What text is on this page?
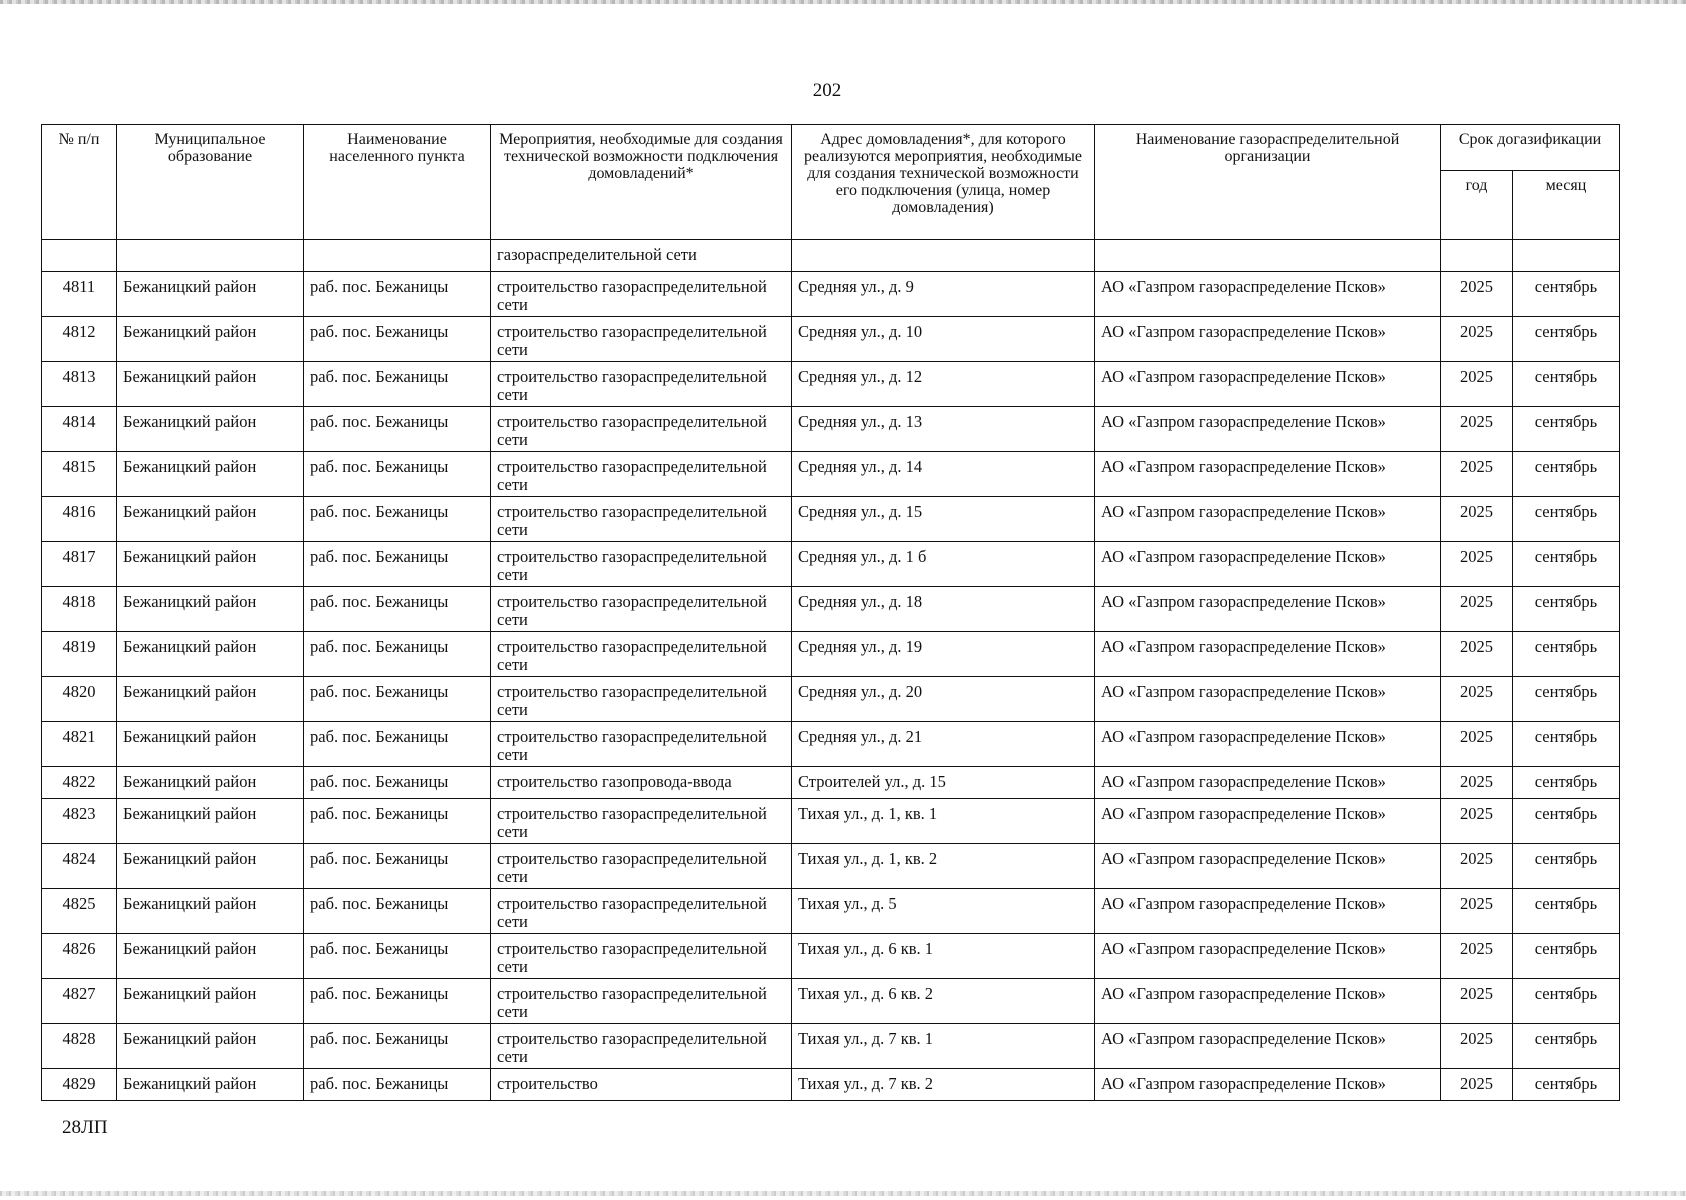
202
№ п/п	Муниципальное образование	Наименование населенного пункта	Мероприятия, необходимые для создания технической возможности подключения домовладений*	Адрес домовладения*, для которого реализуются мероприятия, необходимые для создания технической возможности его подключения (улица, номер домовладения)	Наименование газораспределительной организации	Срок догазификации	
						год	месяц
			газораспределительной сети				
4811	Бежаницкий район	раб. пос. Бежаницы	строительство газораспределительной сети	Средняя ул., д. 9	АО «Газпром газораспределение Псков»	2025	сентябрь
4812	Бежаницкий район	раб. пос. Бежаницы	строительство газораспределительной сети	Средняя ул., д. 10	АО «Газпром газораспределение Псков»	2025	сентябрь
4813	Бежаницкий район	раб. пос. Бежаницы	строительство газораспределительной сети	Средняя ул., д. 12	АО «Газпром газораспределение Псков»	2025	сентябрь
4814	Бежаницкий район	раб. пос. Бежаницы	строительство газораспределительной сети	Средняя ул., д. 13	АО «Газпром газораспределение Псков»	2025	сентябрь
4815	Бежаницкий район	раб. пос. Бежаницы	строительство газораспределительной сети	Средняя ул., д. 14	АО «Газпром газораспределение Псков»	2025	сентябрь
4816	Бежаницкий район	раб. пос. Бежаницы	строительство газораспределительной сети	Средняя ул., д. 15	АО «Газпром газораспределение Псков»	2025	сентябрь
4817	Бежаницкий район	раб. пос. Бежаницы	строительство газораспределительной сети	Средняя ул., д. 1 б	АО «Газпром газораспределение Псков»	2025	сентябрь
4818	Бежаницкий район	раб. пос. Бежаницы	строительство газораспределительной сети	Средняя ул., д. 18	АО «Газпром газораспределение Псков»	2025	сентябрь
4819	Бежаницкий район	раб. пос. Бежаницы	строительство газораспределительной сети	Средняя ул., д. 19	АО «Газпром газораспределение Псков»	2025	сентябрь
4820	Бежаницкий район	раб. пос. Бежаницы	строительство газораспределительной сети	Средняя ул., д. 20	АО «Газпром газораспределение Псков»	2025	сентябрь
4821	Бежаницкий район	раб. пос. Бежаницы	строительство газораспределительной сети	Средняя ул., д. 21	АО «Газпром газораспределение Псков»	2025	сентябрь
4822	Бежаницкий район	раб. пос. Бежаницы	строительство газопровода-ввода	Строителей ул., д. 15	АО «Газпром газораспределение Псков»	2025	сентябрь
4823	Бежаницкий район	раб. пос. Бежаницы	строительство газораспределительной сети	Тихая ул., д. 1, кв. 1	АО «Газпром газораспределение Псков»	2025	сентябрь
4824	Бежаницкий район	раб. пос. Бежаницы	строительство газораспределительной сети	Тихая ул., д. 1, кв. 2	АО «Газпром газораспределение Псков»	2025	сентябрь
4825	Бежаницкий район	раб. пос. Бежаницы	строительство газораспределительной сети	Тихая ул., д. 5	АО «Газпром газораспределение Псков»	2025	сентябрь
4826	Бежаницкий район	раб. пос. Бежаницы	строительство газораспределительной сети	Тихая ул., д. 6 кв. 1	АО «Газпром газораспределение Псков»	2025	сентябрь
4827	Бежаницкий район	раб. пос. Бежаницы	строительство газораспределительной сети	Тихая ул., д. 6 кв. 2	АО «Газпром газораспределение Псков»	2025	сентябрь
4828	Бежаницкий район	раб. пос. Бежаницы	строительство газораспределительной сети	Тихая ул., д. 7 кв. 1	АО «Газпром газораспределение Псков»	2025	сентябрь
4829	Бежаницкий район	раб. пос. Бежаницы	строительство	Тихая ул., д. 7 кв. 2	АО «Газпром газораспределение Псков»	2025	сентябрь
28ЛП
